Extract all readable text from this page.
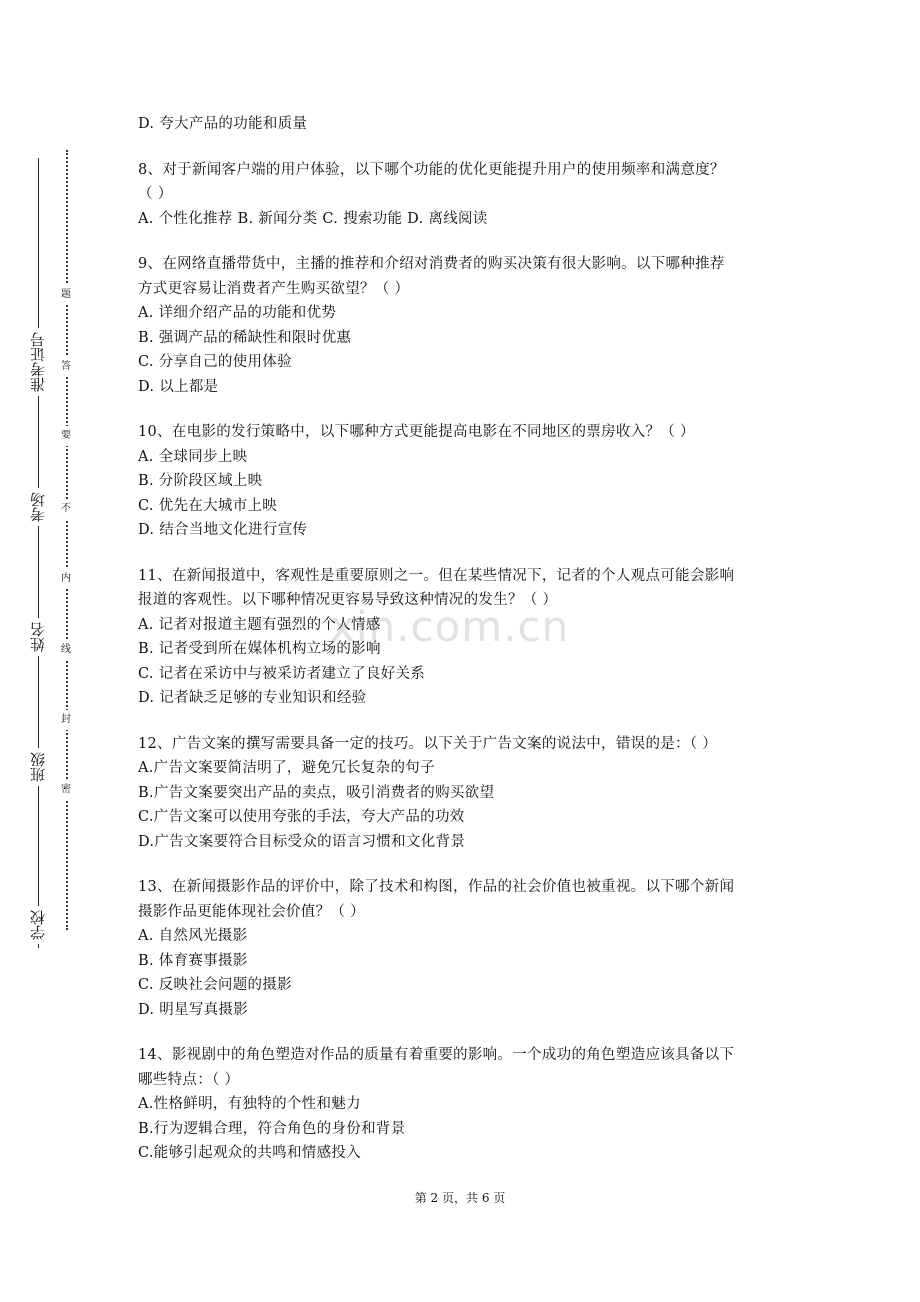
xin.com.cn
准考证号
考场
姓名
班级
学校
题
答
要
不
内
线
封
密
D. 夸大产品的功能和质量
8、对于新闻客户端的用户体验，以下哪个功能的优化更能提升用户的使用频率和满意度？
（ ）
A. 个性化推荐 B. 新闻分类 C. 搜索功能 D. 离线阅读
9、在网络直播带货中，主播的推荐和介绍对消费者的购买决策有很大影响。以下哪种推荐
方式更容易让消费者产生购买欲望？（ ）
A. 详细介绍产品的功能和优势
B. 强调产品的稀缺性和限时优惠
C. 分享自己的使用体验
D. 以上都是
10、在电影的发行策略中，以下哪种方式更能提高电影在不同地区的票房收入？（ ）
A. 全球同步上映
B. 分阶段区域上映
C. 优先在大城市上映
D. 结合当地文化进行宣传
11、在新闻报道中，客观性是重要原则之一。但在某些情况下，记者的个人观点可能会影响
报道的客观性。以下哪种情况更容易导致这种情况的发生？（ ）
A. 记者对报道主题有强烈的个人情感
B. 记者受到所在媒体机构立场的影响
C. 记者在采访中与被采访者建立了良好关系
D. 记者缺乏足够的专业知识和经验
12、广告文案的撰写需要具备一定的技巧。以下关于广告文案的说法中，错误的是：（ ）
A.广告文案要简洁明了，避免冗长复杂的句子
B.广告文案要突出产品的卖点，吸引消费者的购买欲望
C.广告文案可以使用夸张的手法，夸大产品的功效
D.广告文案要符合目标受众的语言习惯和文化背景
13、在新闻摄影作品的评价中，除了技术和构图，作品的社会价值也被重视。以下哪个新闻
摄影作品更能体现社会价值？（ ）
A. 自然风光摄影
B. 体育赛事摄影
C. 反映社会问题的摄影
D. 明星写真摄影
14、影视剧中的角色塑造对作品的质量有着重要的影响。一个成功的角色塑造应该具备以下
哪些特点：（ ）
A.性格鲜明，有独特的个性和魅力
B.行为逻辑合理，符合角色的身份和背景
C.能够引起观众的共鸣和情感投入
第 2 页，共 6 页
